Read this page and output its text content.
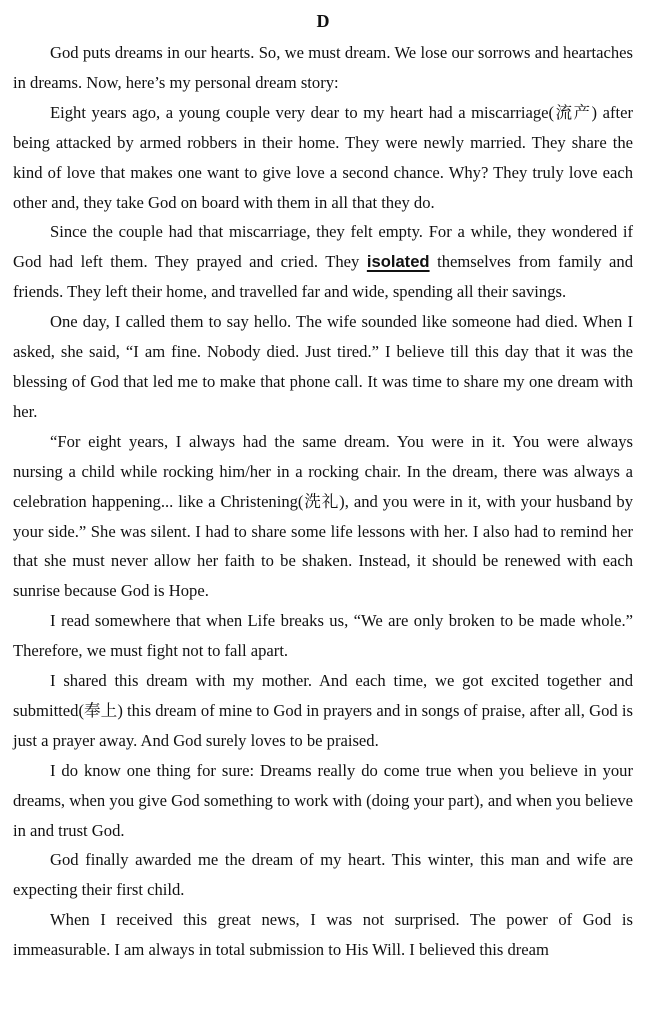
D

God puts dreams in our hearts. So, we must dream. We lose our sorrows and heartaches in dreams. Now, here’s my personal dream story:

Eight years ago, a young couple very dear to my heart had a miscarriage(流产) after being attacked by armed robbers in their home. They were newly married. They share the kind of love that makes one want to give love a second chance. Why? They truly love each other and, they take God on board with them in all that they do.

Since the couple had that miscarriage, they felt empty. For a while, they wondered if God had left them. They prayed and cried. They isolated themselves from family and friends. They left their home, and travelled far and wide, spending all their savings.

One day, I called them to say hello. The wife sounded like someone had died. When I asked, she said, “I am fine. Nobody died. Just tired.” I believe till this day that it was the blessing of God that led me to make that phone call. It was time to share my one dream with her.

“For eight years, I always had the same dream. You were in it. You were always nursing a child while rocking him/her in a rocking chair. In the dream, there was always a celebration happening... like a Christening(洗礼), and you were in it, with your husband by your side.” She was silent. I had to share some life lessons with her. I also had to remind her that she must never allow her faith to be shaken. Instead, it should be renewed with each sunrise because God is Hope.

I read somewhere that when Life breaks us, “We are only broken to be made whole.” Therefore, we must fight not to fall apart.

I shared this dream with my mother. And each time, we got excited together and submitted(奉上) this dream of mine to God in prayers and in songs of praise, after all, God is just a prayer away. And God surely loves to be praised.

I do know one thing for sure: Dreams really do come true when you believe in your dreams, when you give God something to work with (doing your part), and when you believe in and trust God.

God finally awarded me the dream of my heart. This winter, this man and wife are expecting their first child.

When I received this great news, I was not surprised. The power of God is immeasurable. I am always in total submission to His Will. I believed this dream
